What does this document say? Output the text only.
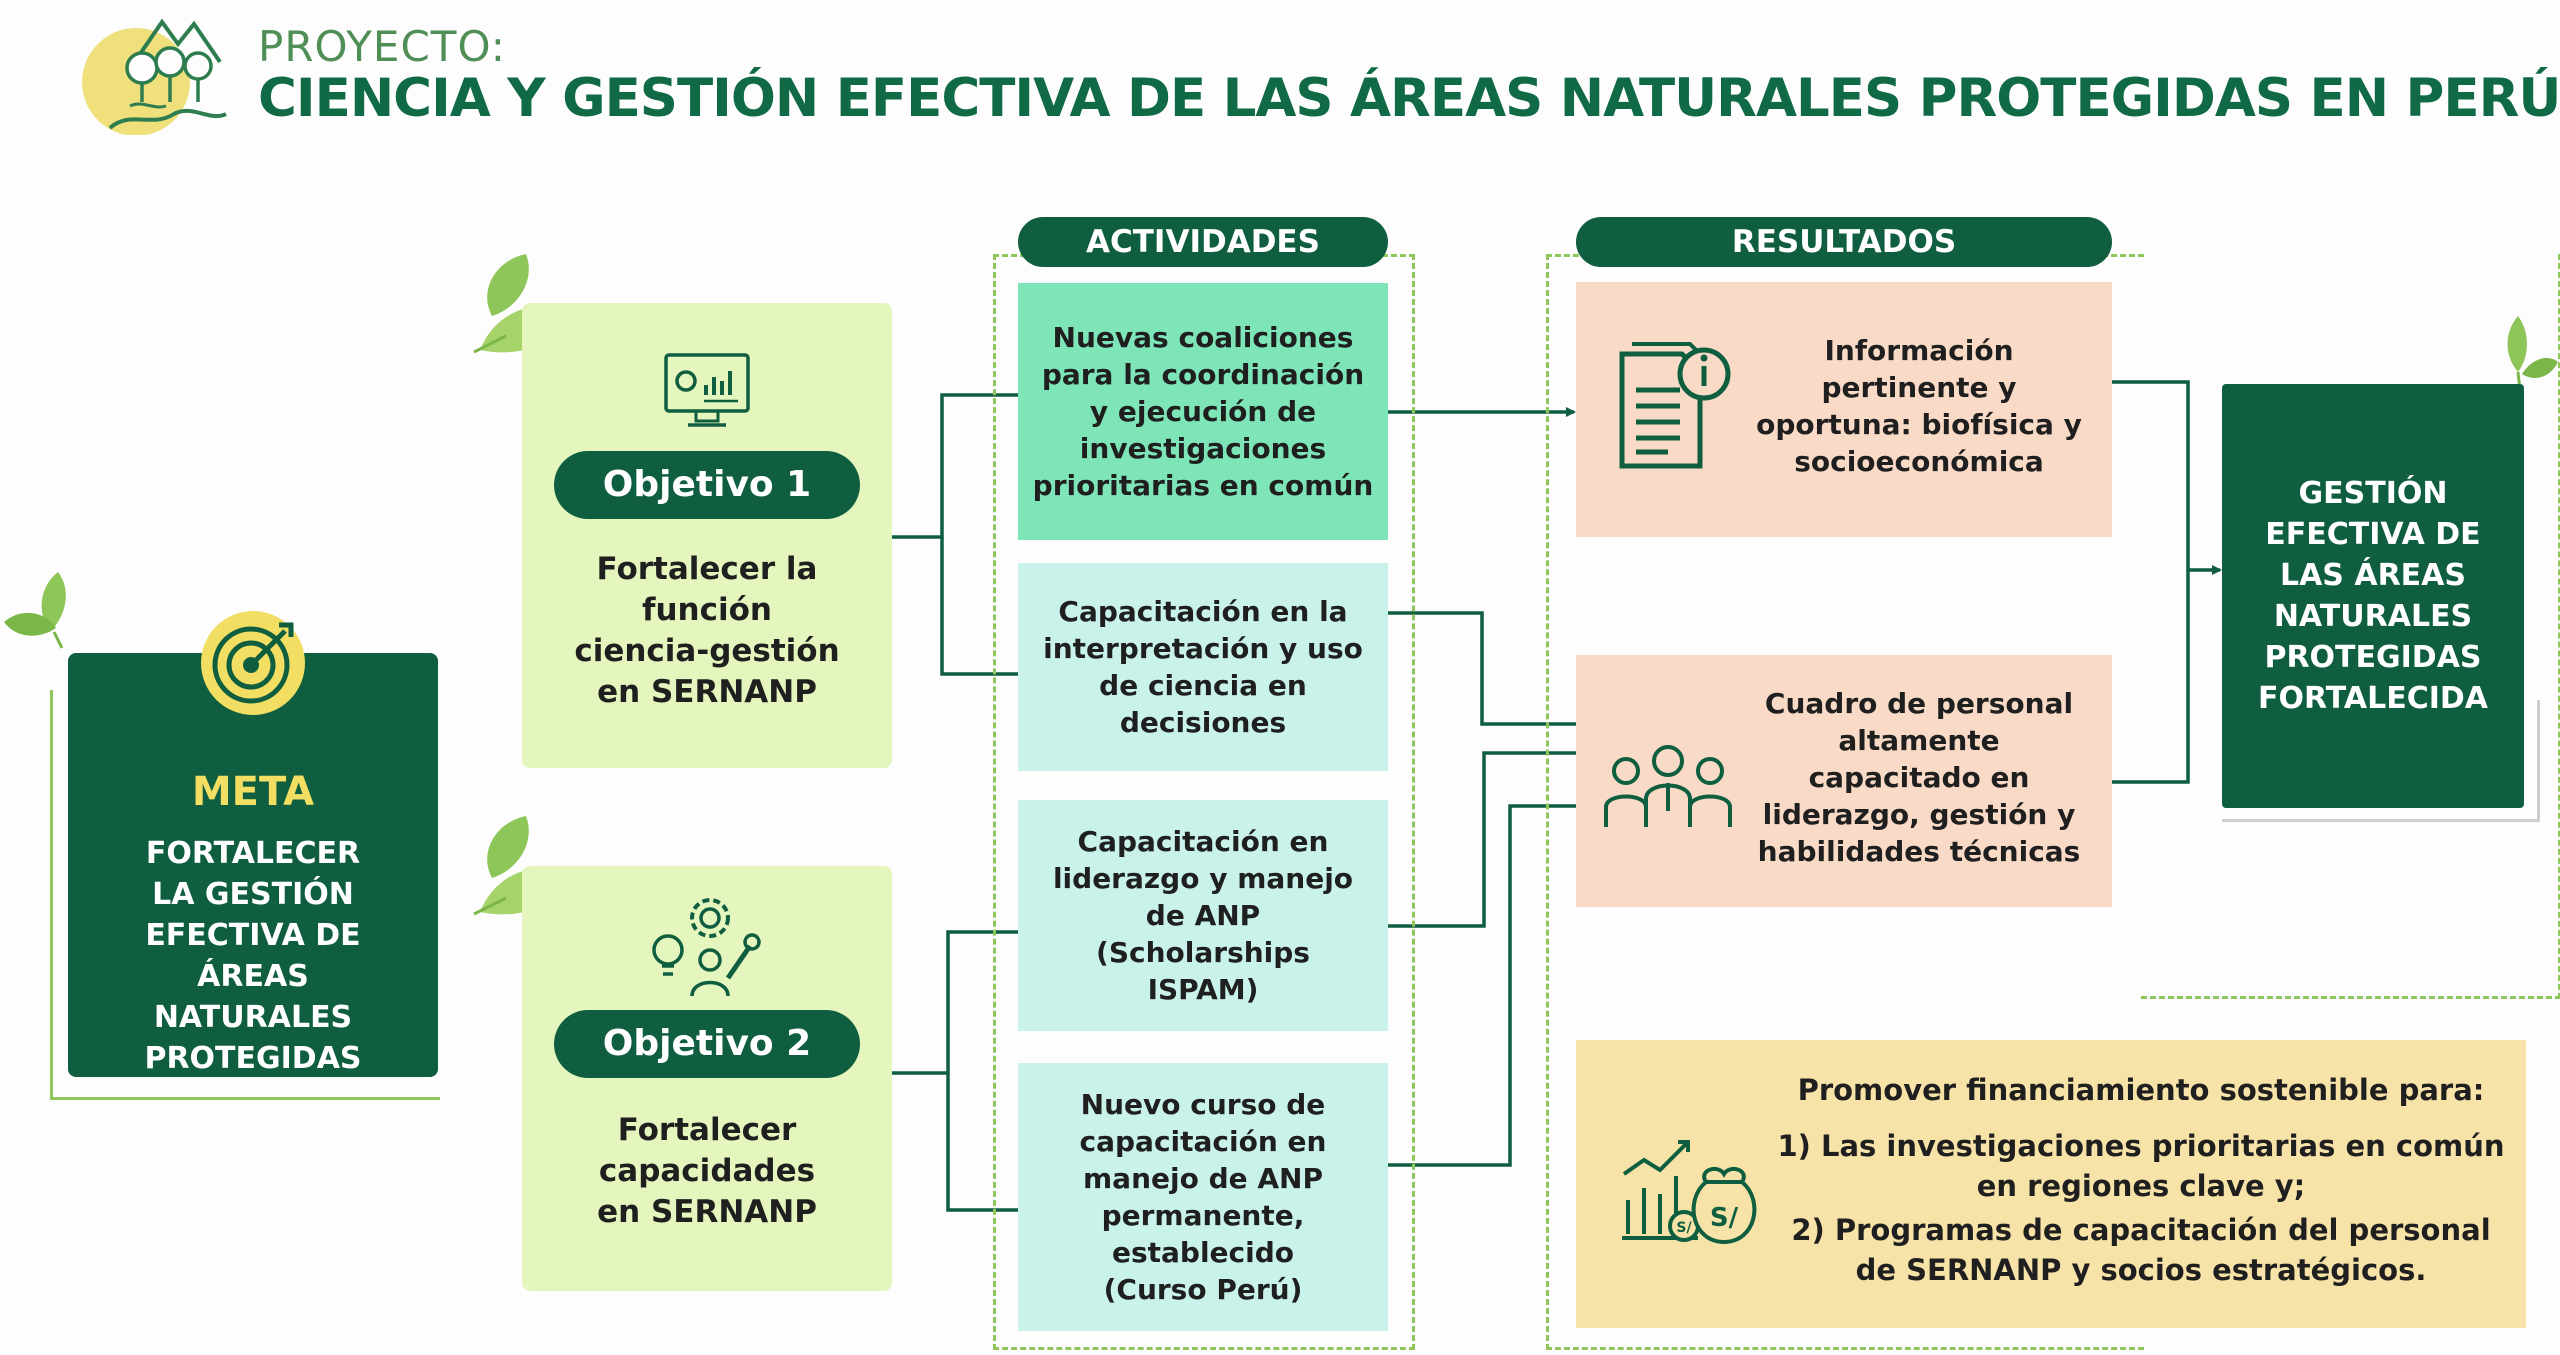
PROYECTO:
CIENCIA Y GESTIÓN EFECTIVA DE LAS ÁREAS NATURALES PROTEGIDAS EN PERÚ
META
FORTALECER
LA GESTIÓN
EFECTIVA DE
ÁREAS
NATURALES
PROTEGIDAS
Objetivo 1
Fortalecer la
función
ciencia-gestión
en SERNANP
Objetivo 2
Fortalecer
capacidades
en SERNANP
ACTIVIDADES
Nuevas coaliciones
para la coordinación
y ejecución de
investigaciones
prioritarias en común
Capacitación en la
interpretación y uso
de ciencia en
decisiones
Capacitación en
liderazgo y manejo
de ANP
(Scholarships
ISPAM)
Nuevo curso de
capacitación en
manejo de ANP
permanente,
establecido
(Curso Perú)
RESULTADOS
Información
pertinente y
oportuna: biofísica y
socioeconómica
Cuadro de personal
altamente
capacitado en
liderazgo, gestión y
habilidades técnicas
S/
S/
Promover financiamiento sostenible para:
1) Las investigaciones prioritarias en común
en regiones clave y;
2) Programas de capacitación del personal
de SERNANP y socios estratégicos.
GESTIÓN
EFECTIVA DE
LAS ÁREAS
NATURALES
PROTEGIDAS
FORTALECIDA
